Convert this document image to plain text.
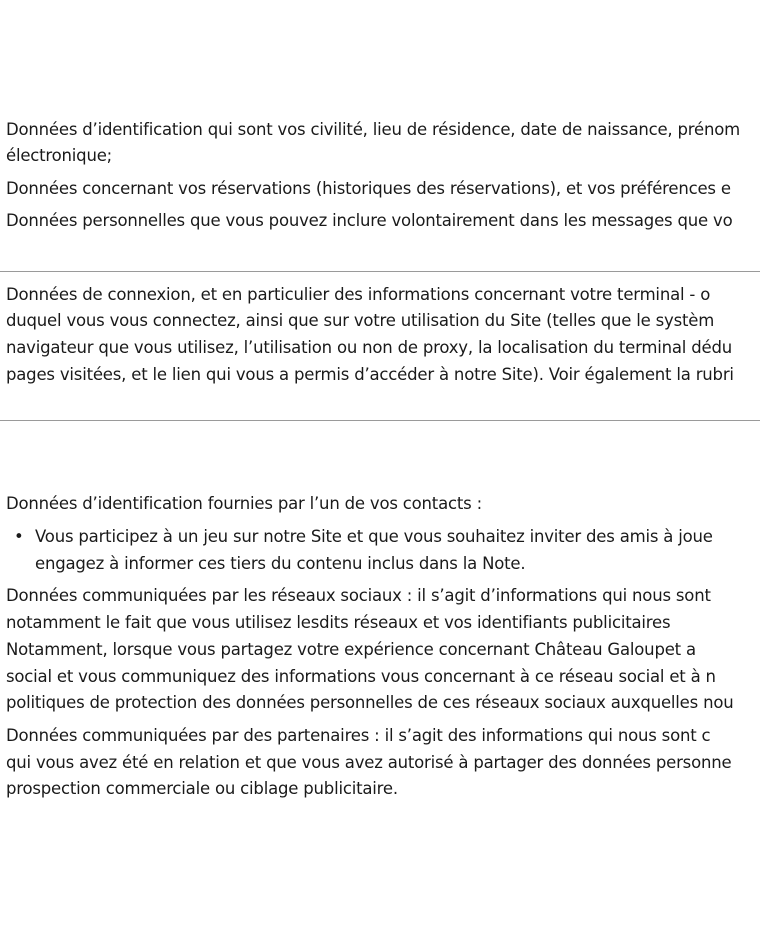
Données d’identification qui sont vos civilité, lieu de résidence, date de naissance, prénom
électronique;
Données concernant vos réservations (historiques des réservations), et vos préférences e
Données personnelles que vous pouvez inclure volontairement dans les messages que vo
Données de connexion, et en particulier des informations concernant votre terminal - o
duquel vous vous connectez, ainsi que sur votre utilisation du Site (telles que le systèm
navigateur que vous utilisez, l’utilisation ou non de proxy, la localisation du terminal dédu
pages visitées, et le lien qui vous a permis d’accéder à notre Site). Voir également la rubri
Données d’identification fournies par l’un de vos contacts :
• Vous participez à un jeu sur notre Site et que vous souhaitez inviter des amis à joue
engagez à informer ces tiers du contenu inclus dans la Note.
Données communiquées par les réseaux sociaux : il s’agit d’informations qui nous sont
notamment le fait que vous utilisez lesdits réseaux et vos identifiants publicitaires
Notamment, lorsque vous partagez votre expérience concernant Château Galoupet a
social et vous communiquez des informations vous concernant à ce réseau social et à n
politiques de protection des données personnelles de ces réseaux sociaux auxquelles nou
Données communiquées par des partenaires : il s’agit des informations qui nous sont c
qui vous avez été en relation et que vous avez autorisé à partager des données personne
prospection commerciale ou ciblage publicitaire.
